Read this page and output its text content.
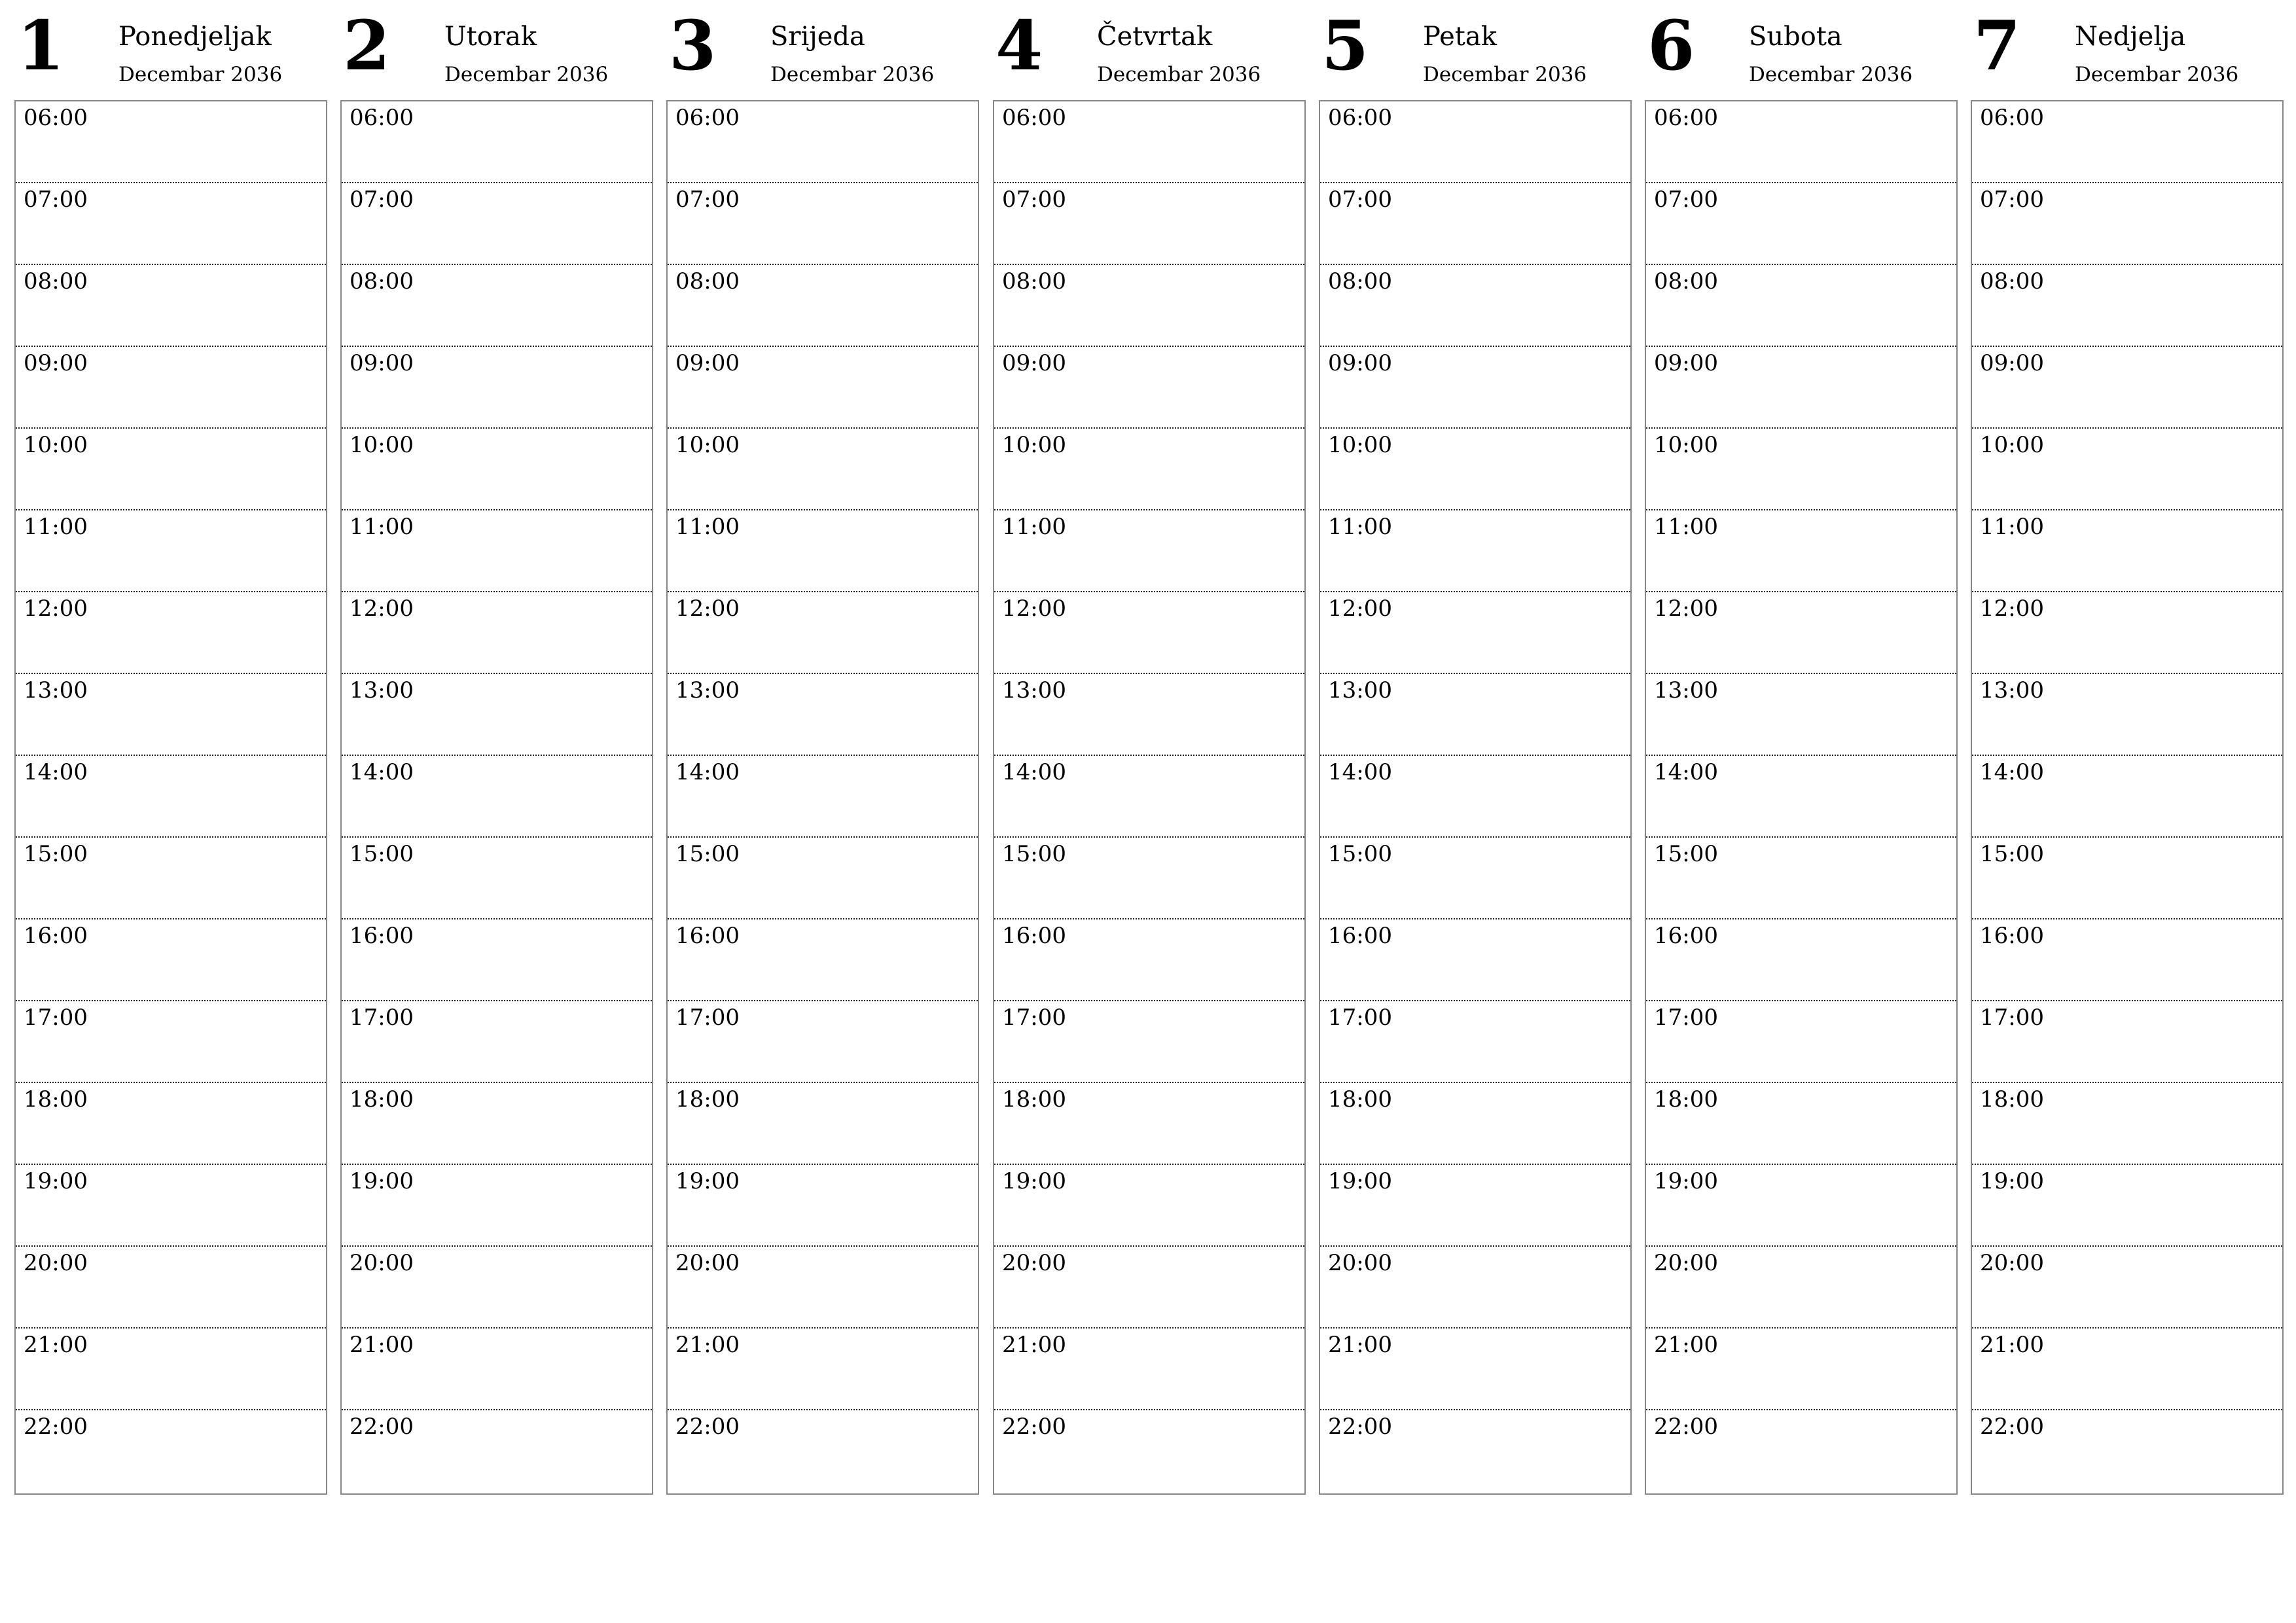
1 Ponedjeljak
Decembar 2036
06:00
07:00
08:00
09:00
10:00
11:00
12:00
13:00
14:00
15:00
16:00
17:00
18:00
19:00
20:00
21:00
22:00
2 Utorak
Decembar 2036
06:00
07:00
08:00
09:00
10:00
11:00
12:00
13:00
14:00
15:00
16:00
17:00
18:00
19:00
20:00
21:00
22:00
3 Srijeda
Decembar 2036
06:00
07:00
08:00
09:00
10:00
11:00
12:00
13:00
14:00
15:00
16:00
17:00
18:00
19:00
20:00
21:00
22:00
4 Četvrtak
Decembar 2036
06:00
07:00
08:00
09:00
10:00
11:00
12:00
13:00
14:00
15:00
16:00
17:00
18:00
19:00
20:00
21:00
22:00
5 Petak
Decembar 2036
06:00
07:00
08:00
09:00
10:00
11:00
12:00
13:00
14:00
15:00
16:00
17:00
18:00
19:00
20:00
21:00
22:00
6 Subota
Decembar 2036
06:00
07:00
08:00
09:00
10:00
11:00
12:00
13:00
14:00
15:00
16:00
17:00
18:00
19:00
20:00
21:00
22:00
7 Nedjelja
Decembar 2036
06:00
07:00
08:00
09:00
10:00
11:00
12:00
13:00
14:00
15:00
16:00
17:00
18:00
19:00
20:00
21:00
22:00
